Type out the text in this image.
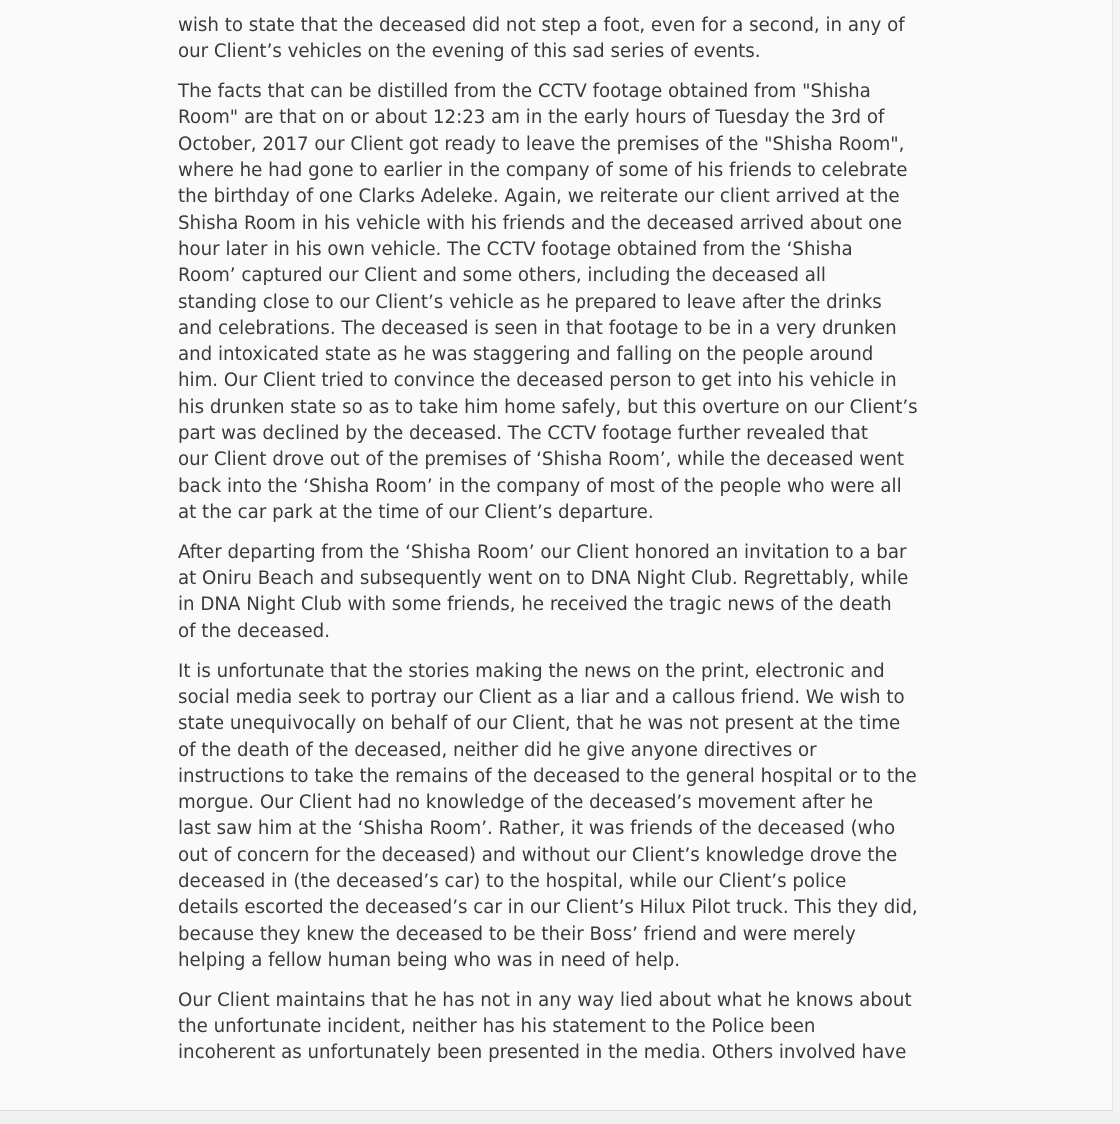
wish to state that the deceased did not step a foot, even for a second, in any of
our Client’s vehicles on the evening of this sad series of events.

The facts that can be distilled from the CCTV footage obtained from "Shisha
Room" are that on or about 12:23 am in the early hours of Tuesday the 3rd of
October, 2017 our Client got ready to leave the premises of the "Shisha Room",
where he had gone to earlier in the company of some of his friends to celebrate
the birthday of one Clarks Adeleke. Again, we reiterate our client arrived at the
Shisha Room in his vehicle with his friends and the deceased arrived about one
hour later in his own vehicle. The CCTV footage obtained from the ‘Shisha
Room’ captured our Client and some others, including the deceased all
standing close to our Client’s vehicle as he prepared to leave after the drinks
and celebrations. The deceased is seen in that footage to be in a very drunken
and intoxicated state as he was staggering and falling on the people around
him. Our Client tried to convince the deceased person to get into his vehicle in
his drunken state so as to take him home safely, but this overture on our Client’s
part was declined by the deceased. The CCTV footage further revealed that
our Client drove out of the premises of ‘Shisha Room’, while the deceased went
back into the ‘Shisha Room’ in the company of most of the people who were all
at the car park at the time of our Client’s departure.

After departing from the ‘Shisha Room’ our Client honored an invitation to a bar
at Oniru Beach and subsequently went on to DNA Night Club. Regrettably, while
in DNA Night Club with some friends, he received the tragic news of the death
of the deceased.

It is unfortunate that the stories making the news on the print, electronic and
social media seek to portray our Client as a liar and a callous friend. We wish to
state unequivocally on behalf of our Client, that he was not present at the time
of the death of the deceased, neither did he give anyone directives or
instructions to take the remains of the deceased to the general hospital or to the
morgue. Our Client had no knowledge of the deceased’s movement after he
last saw him at the ‘Shisha Room’. Rather, it was friends of the deceased (who
out of concern for the deceased) and without our Client’s knowledge drove the
deceased in (the deceased’s car) to the hospital, while our Client’s police
details escorted the deceased’s car in our Client’s Hilux Pilot truck. This they did,
because they knew the deceased to be their Boss’ friend and were merely
helping a fellow human being who was in need of help.

Our Client maintains that he has not in any way lied about what he knows about
the unfortunate incident, neither has his statement to the Police been
incoherent as unfortunately been presented in the media. Others involved have
